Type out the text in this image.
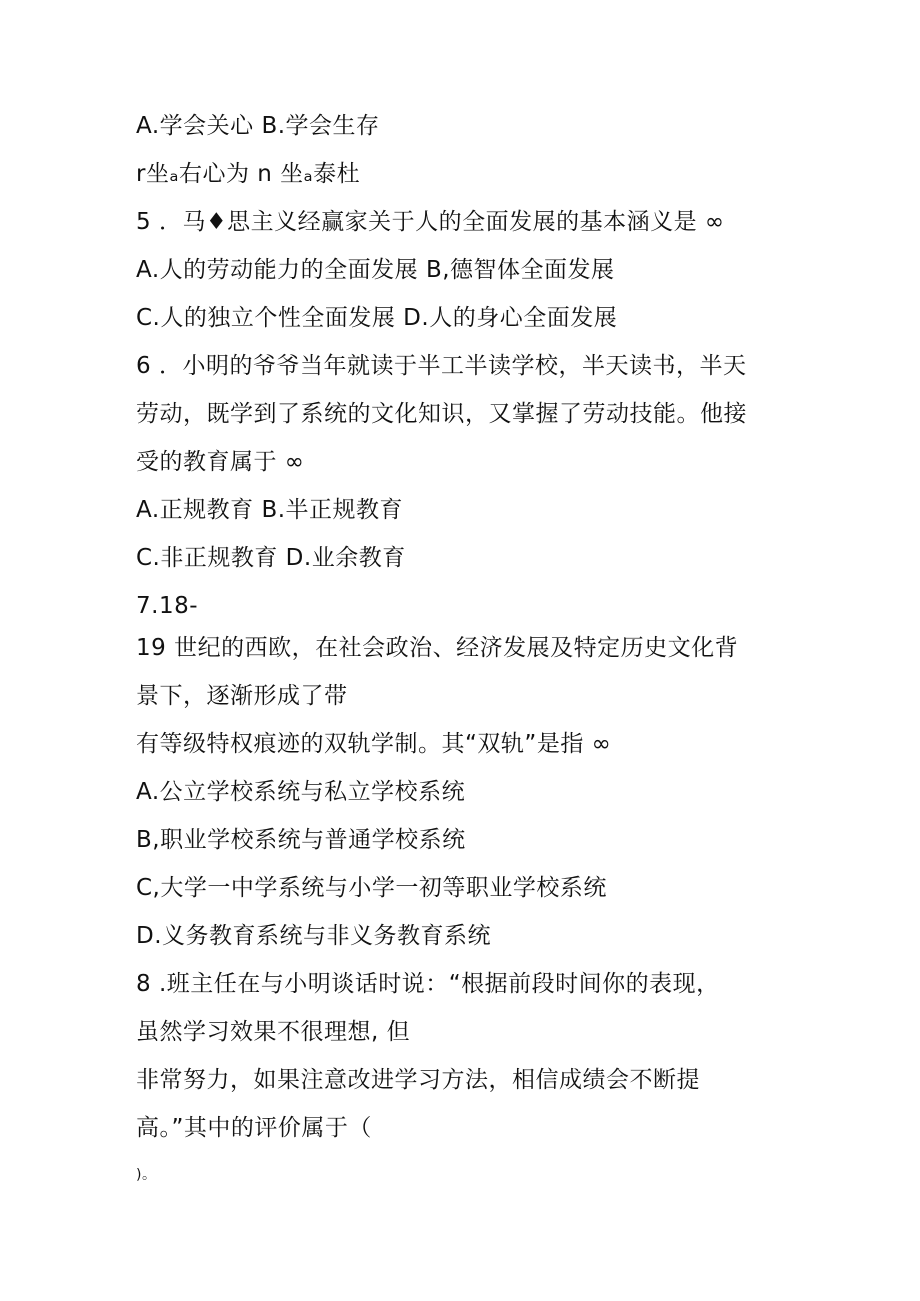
A.学会关心 B.学会生存
r坐ₐ右心为 n 坐ₐ泰杜
5 ．马♦思主义经赢家关于人的全面发展的基本涵义是 ∞
A.人的劳动能力的全面发展 B,德智体全面发展
C.人的独立个性全面发展 D.人的身心全面发展
6 ．小明的爷爷当年就读于半工半读学校，半天读书，半天
劳动，既学到了系统的文化知识，又掌握了劳动技能。他接
受的教育属于 ∞
A.正规教育 B.半正规教育
C.非正规教育 D.业余教育
7.18-
19 世纪的西欧，在社会政治、经济发展及特定历史文化背
景下，逐渐形成了带
有等级特权痕迹的双轨学制。其“双轨”是指 ∞
A.公立学校系统与私立学校系统
B,职业学校系统与普通学校系统
C,大学一中学系统与小学一初等职业学校系统
D.义务教育系统与非义务教育系统
8 .班主任在与小明谈话时说：“根据前段时间你的表现，
虽然学习效果不很理想, 但
非常努力，如果注意改进学习方法，相信成绩会不断提
高。”其中的评价属于（
)。
